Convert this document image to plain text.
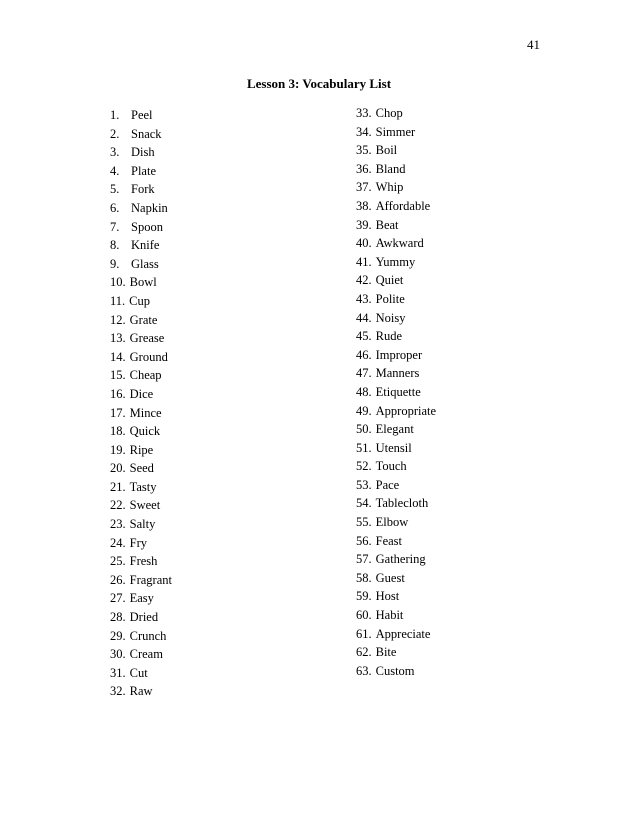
41
Lesson 3: Vocabulary List
1. Peel
2. Snack
3. Dish
4. Plate
5. Fork
6. Napkin
7. Spoon
8. Knife
9. Glass
10. Bowl
11. Cup
12. Grate
13. Grease
14. Ground
15. Cheap
16. Dice
17. Mince
18. Quick
19. Ripe
20. Seed
21. Tasty
22. Sweet
23. Salty
24. Fry
25. Fresh
26. Fragrant
27. Easy
28. Dried
29. Crunch
30. Cream
31. Cut
32. Raw
33. Chop
34. Simmer
35. Boil
36. Bland
37. Whip
38. Affordable
39. Beat
40. Awkward
41. Yummy
42. Quiet
43. Polite
44. Noisy
45. Rude
46. Improper
47. Manners
48. Etiquette
49. Appropriate
50. Elegant
51. Utensil
52. Touch
53. Pace
54. Tablecloth
55. Elbow
56. Feast
57. Gathering
58. Guest
59. Host
60. Habit
61. Appreciate
62. Bite
63. Custom
